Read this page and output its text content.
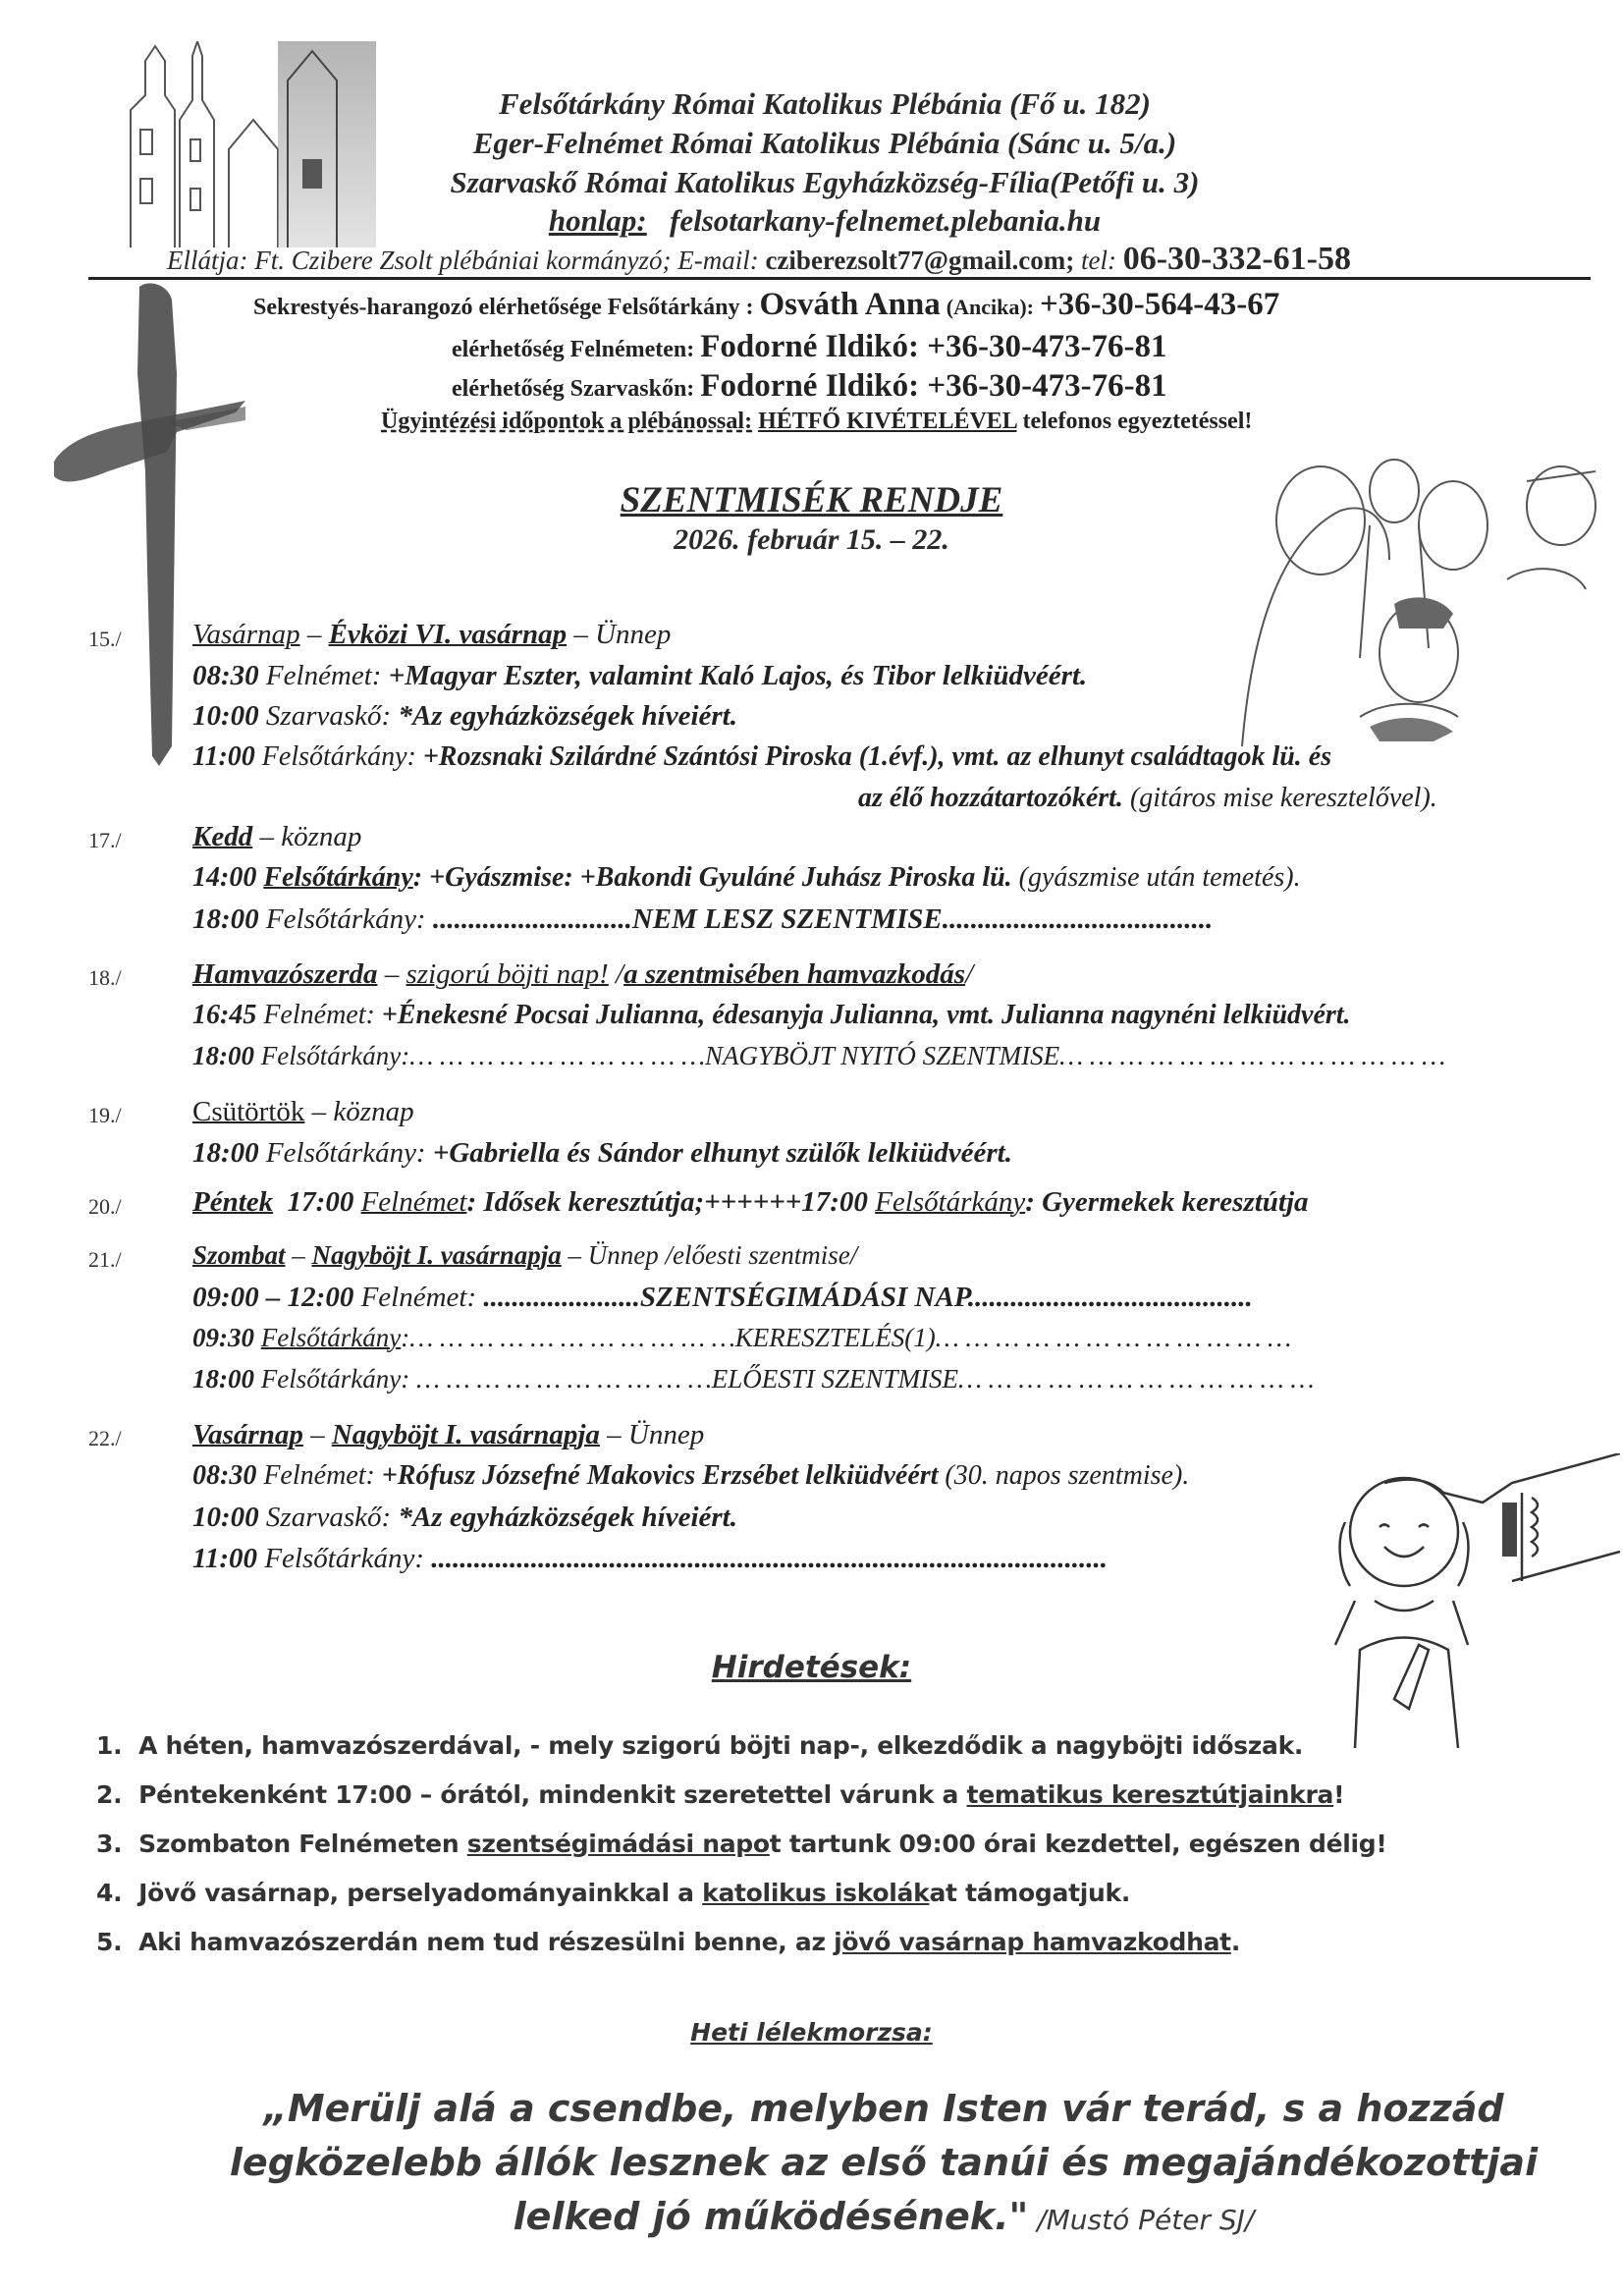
Felsőtárkány Római Katolikus Plébánia (Fő u. 182)
Eger-Felnémet Római Katolikus Plébánia (Sánc u. 5/a.)
Szarvaskő Római Katolikus Egyházközség-Fília(Petőfi u. 3)
honlap: felsotarkany-felnemet.plebania.hu
Ellátja: Ft. Czibere Zsolt plébániai kormányzó; E-mail: cziberezsolt77@gmail.com; tel: 06-30-332-61-58
Sekrestyés-harangozó elérhetősége Felsőtárkány : Osváth Anna (Ancika): +36-30-564-43-67
elérhetőség Felnémeten: Fodorné Ildikó: +36-30-473-76-81
elérhetőség Szarvaskőn: Fodorné Ildikó: +36-30-473-76-81
Ügyintézési időpontok a plébánossal: HÉTFŐ KIVÉTELÉVEL telefonos egyeztetéssel!
SZENTMISÉK RENDJE
2026. február 15. – 22.
15./ Vasárnap – Évközi VI. vasárnap – Ünnep
08:30 Felnémet: +Magyar Eszter, valamint Kaló Lajos, és Tibor lelkiüdvéért.
10:00 Szarvaskő: *Az egyházközségek híveiért.
11:00 Felsőtárkány: +Rozsnaki Szilárdné Szántósi Piroska (1.évf.), vmt. az elhunyt családtagok lü. és
az élő hozzátartozókért. (gitáros mise keresztelővel).
17./ Kedd – köznap
14:00 Felsőtárkány: +Gyászmise: +Bakondi Gyuláné Juhász Piroska lü. (gyászmise után temetés).
18:00 Felsőtárkány: ............................NEM LESZ SZENTMISE......................................
18./ Hamvazószerda – szigorú böjti nap! /a szentmisében hamvazkodás/
16:45 Felnémet: +Énekesné Pocsai Julianna, édesanyja Julianna, vmt. Julianna nagynéni lelkiüdvért.
18:00 Felsőtárkány:… … … … … … … … … …NAGYBÖJT NYITÓ SZENTMISE… … … … … … … … … … … … …
19./ Csütörtök – köznap
18:00 Felsőtárkány: +Gabriella és Sándor elhunyt szülők lelkiüdvéért.
20./ Péntek 17:00 Felnémet: Idősek keresztútja;++++++17:00 Felsőtárkány: Gyermekek keresztútja
21./	Szombat – Nagyböjt I. vasárnapja – Ünnep /előesti szentmise/
09:00 – 12:00 Felnémet: ......................SZENTSÉGIMÁDÁSI NAP........................................
09:30 Felsőtárkány:… … … … … … … … … … …KERESZTELÉS(1)… … … … … … … … … … … …
18:00 Felsőtárkány: … … … … … … … … … …ELŐESTI SZENTMISE… … … … … … … … … … … …
22./ Vasárnap – Nagyböjt I. vasárnapja – Ünnep
08:30 Felnémet: +Rófusz Józsefné Makovics Erzsébet lelkiüdvéért (30. napos szentmise).
10:00 Szarvaskő: *Az egyházközségek híveiért.
11:00 Felsőtárkány: ...............................................................................................
Hirdetések:
1. A héten, hamvazószerdával, - mely szigorú böjti nap-, elkezdődik a nagyböjti időszak.
2. Péntekenként 17:00 – órától, mindenkit szeretettel várunk a tematikus keresztútjainkra!
3. Szombaton Felnémeten szentségimádási napot tartunk 09:00 órai kezdettel, egészen délig!
4. Jövő vasárnap, perselyadományainkkal a katolikus iskolákat támogatjuk.
5. Aki hamvazószerdán nem tud részesülni benne, az jövő vasárnap hamvazkodhat.
Heti lélekmorzsa:
„Merülj alá a csendbe, melyben Isten vár terád, s a hozzád
legközelebb állók lesznek az első tanúi és megajándékozottjai
lelked jó működésének." /Mustó Péter SJ/
